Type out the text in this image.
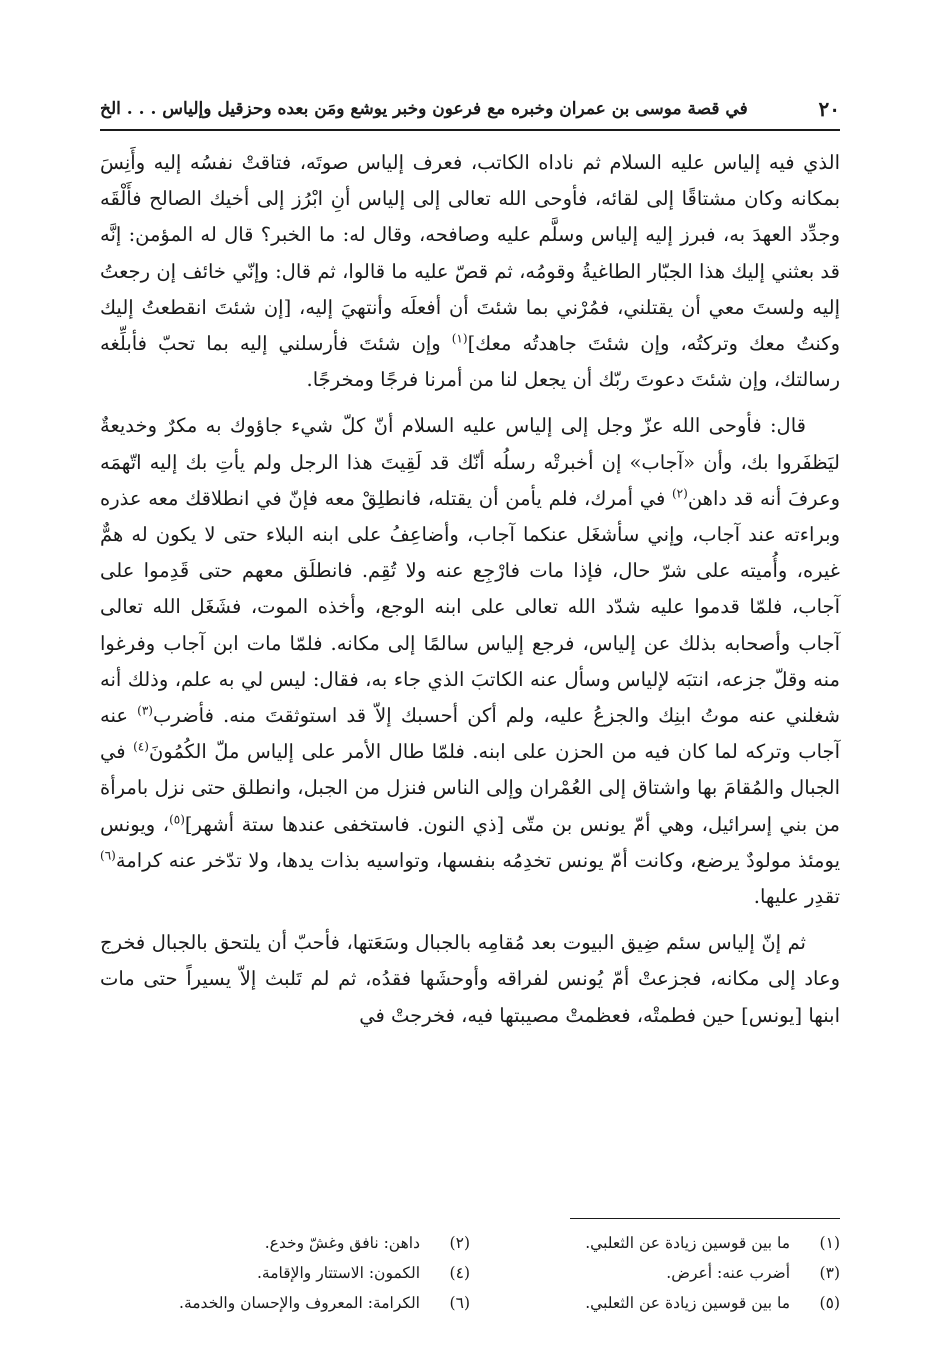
٢٠
في قصة موسى بن عمران وخبره مع فرعون وخبر يوشع ومَن بعده وحزقيل وإلياس . . . الخ

الذي فيه إلياس عليه السلام ثم ناداه الكاتب، فعرف إلياس صوتَه، فتاقتْ نفسُه إليه وأَنِسَ بمكانه وكان مشتاقًا إلى لقائه، فأوحى الله تعالى إلى إلياس أنِ ابْرُز إلى أخيك الصالح فأَلْقَه وجدِّد العهدَ به، فبرز إليه إلياس وسلَّم عليه وصافحه، وقال له: ما الخبر؟ قال له المؤمن: إنَّه قد بعثني إليك هذا الجبّار الطاغيةُ وقومُه، ثم قصّ عليه ما قالوا، ثم قال: وإنّي خائف إن رجعتُ إليه ولستَ معي أن يقتلني، فمُرْني بما شئتَ أن أفعلَه وأنتهيَ إليه، [إن شئتَ انقطعتُ إليك وكنتُ معك وتركتُه، وإن شئتَ جاهدتُه معك]$^{(١)}$ وإن شئتَ فأرسلني إليه بما تحبّ فأبلِّغه رسالتك، وإن شئتَ دعوتَ ربّك أن يجعل لنا من أمرنا فرجًا ومخرجًا.

قال: فأوحى الله عزّ وجل إلى إلياس عليه السلام أنّ كلّ شيء جاؤوك به مكرٌ وخديعةٌ ليَظفَروا بك، وأن «آجاب» إن أخبرتْه رسلُه أنّك قد لَقِيتَ هذا الرجل ولم يأتِ بك إليه اتّهمَه وعرفَ أنه قد داهن$^{(٢)}$ في أمرك، فلم يأمن أن يقتله، فانطلِقْ معه فإنّ في انطلاقك معه عذره وبراءته عند آجاب، وإني سأشغَل عنكما آجاب، وأضاعِفُ على ابنه البلاء حتى لا يكون له همٌّ غيره، وأُميته على شرّ حال، فإذا مات فارْجِع عنه ولا تُقِم. فانطلَق معهم حتى قَدِموا على آجاب، فلمّا قدموا عليه شدّد الله تعالى على ابنه الوجع، وأخذه الموت، فشَغَل الله تعالى آجاب وأصحابه بذلك عن إلياس، فرجع إلياس سالمًا إلى مكانه. فلمّا مات ابن آجاب وفرغوا منه وقلّ جزعه، انتبَه لإلياس وسأل عنه الكاتبَ الذي جاء به، فقال: ليس لي به علم، وذلك أنه شغلني عنه موتُ ابنِك والجزعُ عليه، ولم أكن أحسبك إلاّ قد استوثقتَ منه. فأضرب$^{(٣)}$ عنه آجاب وتركه لما كان فيه من الحزن على ابنه. فلمّا طال الأمر على إلياس ملّ الكُمُونَ$^{(٤)}$ في الجبال والمُقامَ بها واشتاق إلى العُمْران وإلى الناس فنزل من الجبل، وانطلق حتى نزل بامرأة من بني إسرائيل، وهي أمّ يونس بن متّى [ذي النون. فاستخفى عندها ستة أشهر]$^{(٥)}$، ويونس يومئذ مولودٌ يرضع، وكانت أمّ يونس تخدِمُه بنفسها، وتواسيه بذات يدها، ولا تدّخر عنه كرامة$^{(٦)}$ تقدِر عليها.

ثم إنّ إلياس سئم ضِيق البيوت بعد مُقامِه بالجبال وسَعَتها، فأحبّ أن يلتحق بالجبال فخرج وعاد إلى مكانه، فجزعتْ أمّ يُونس لفراقه وأوحشَها فقدُه، ثم لم تَلبث إلاّ يسيراً حتى مات ابنها [يونس] حين فطمتْه، فعظمتْ مصيبتها فيه، فخرجتْ في

(١)
ما بين قوسين زيادة عن الثعلبي.
(٢)
داهن: نافق وغشّ وخدع.
(٣)
أضرب عنه: أعرض.
(٤)
الكمون: الاستتار والإقامة.
(٥)
ما بين قوسين زيادة عن الثعلبي.
(٦)
الكرامة: المعروف والإحسان والخدمة.
